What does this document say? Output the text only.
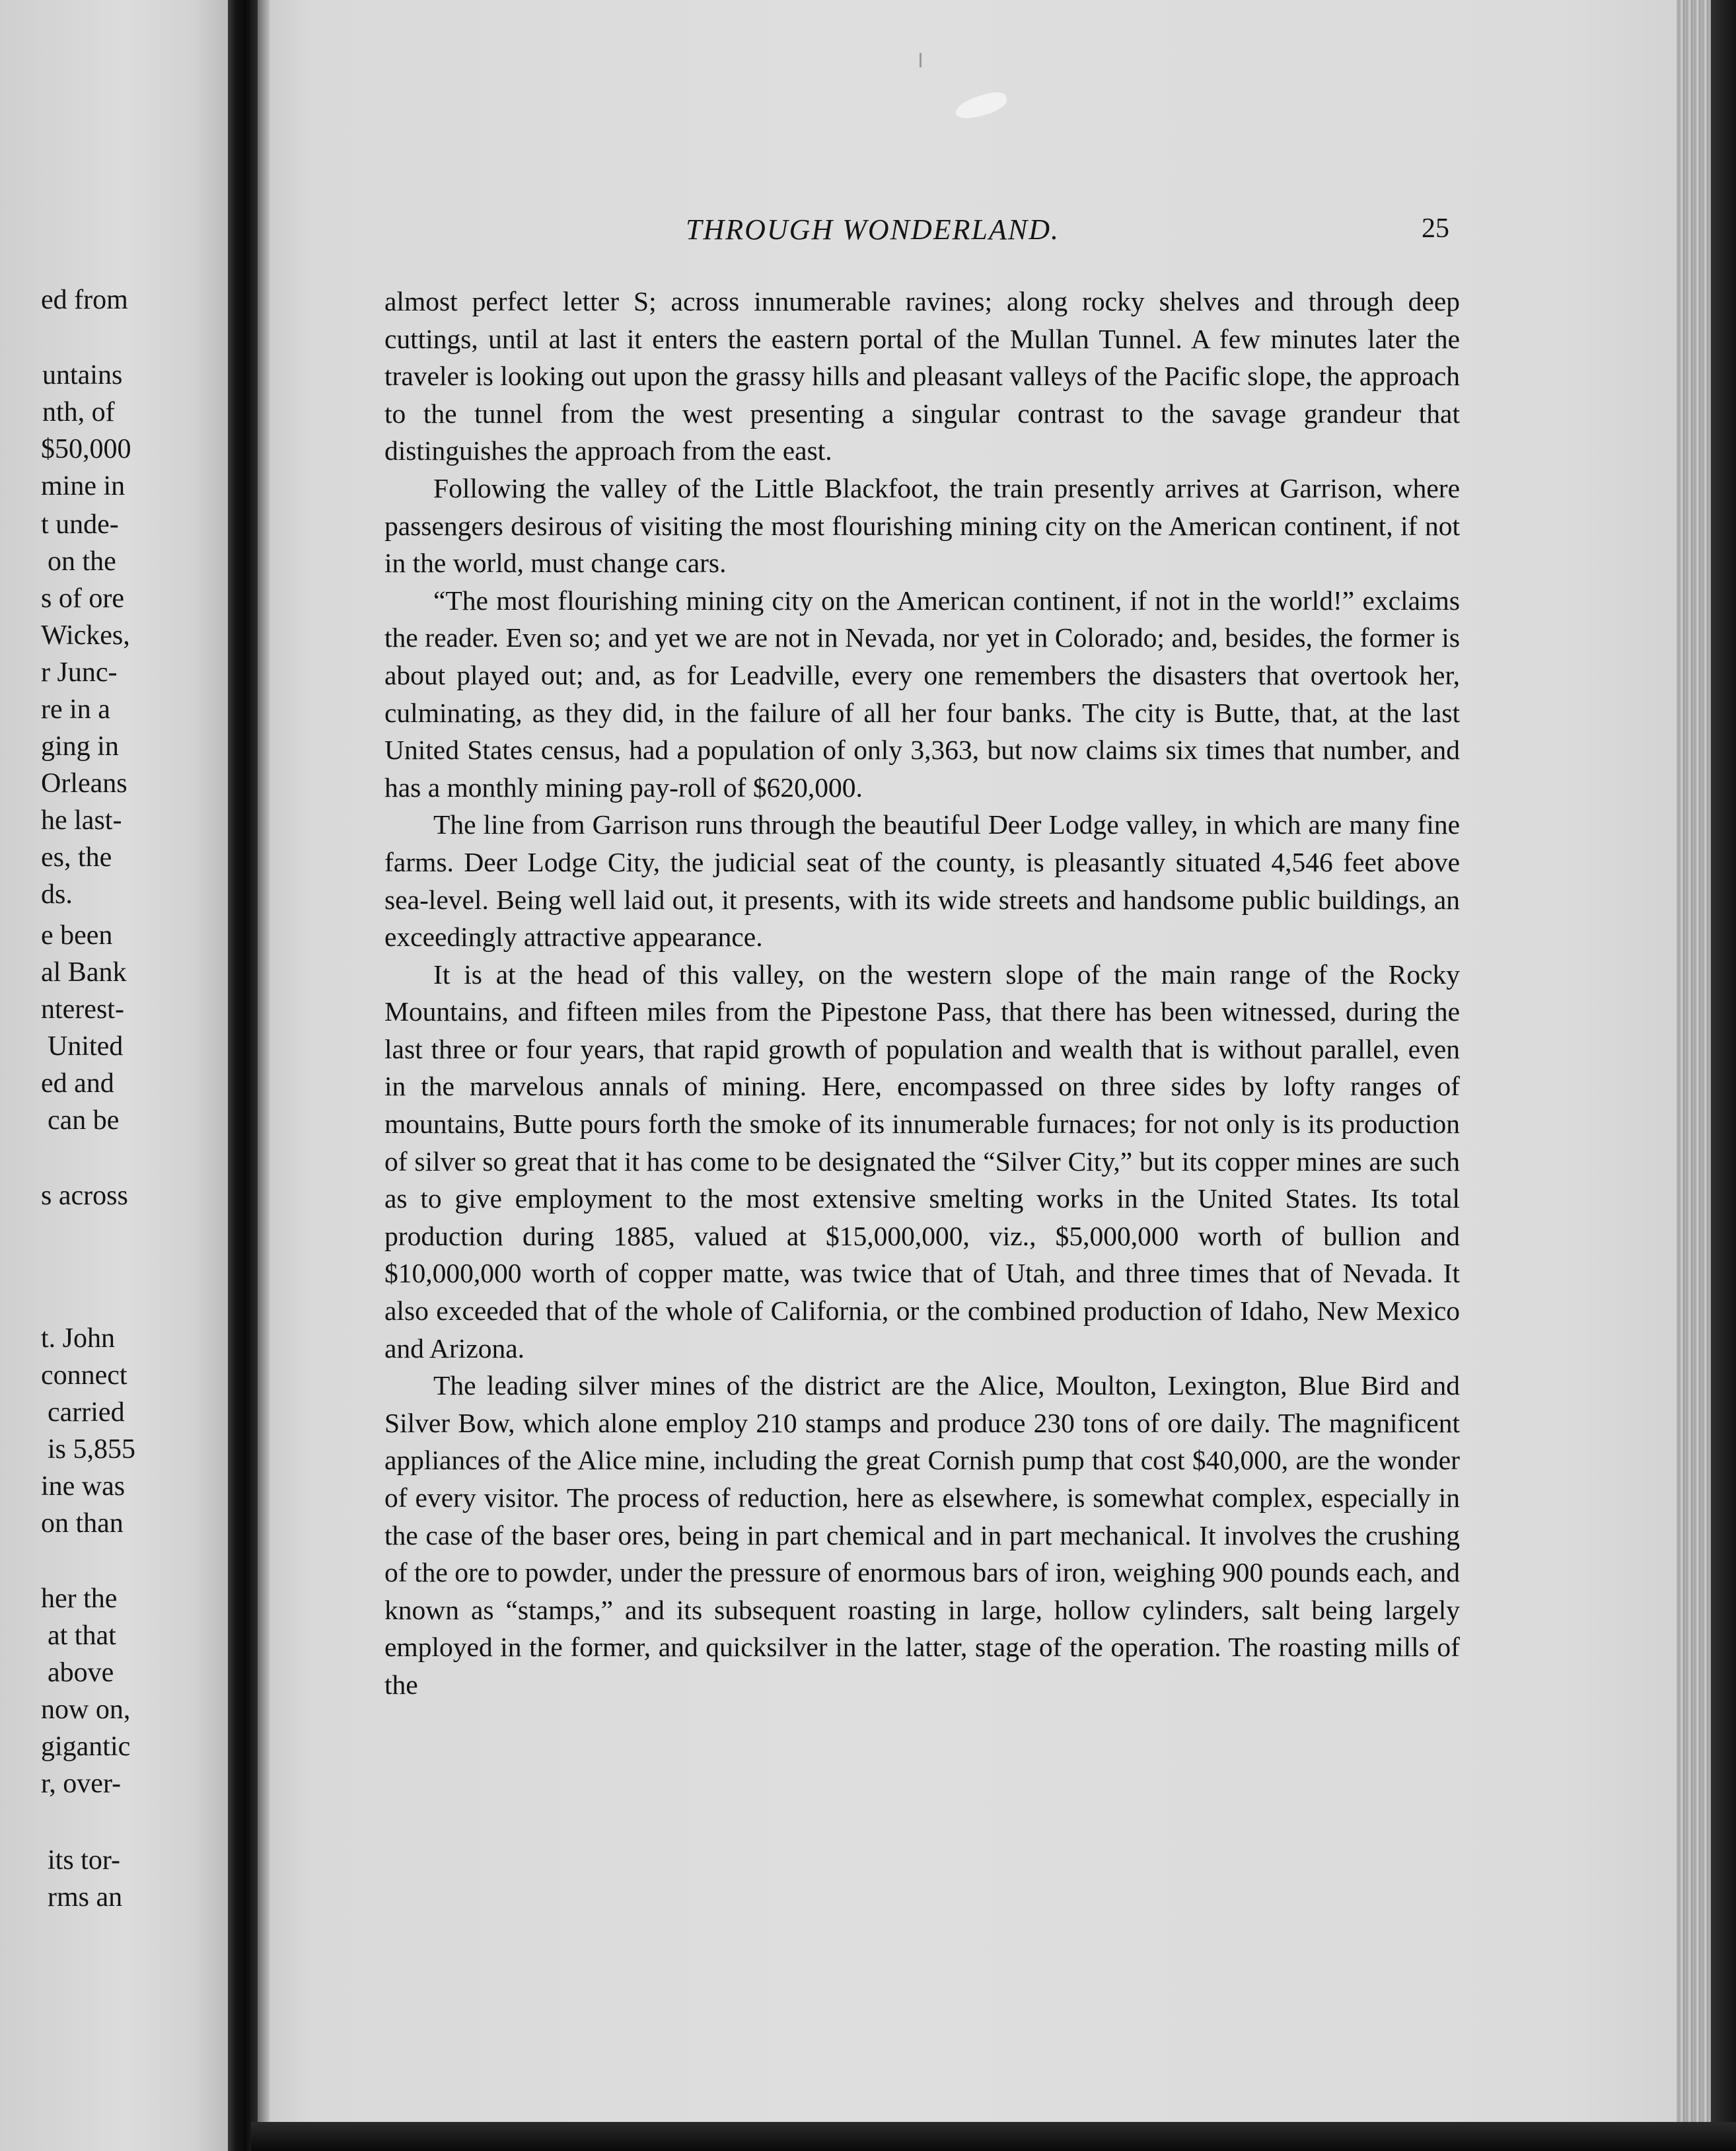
ed from
untains
nth, of
$50,000
mine in
t unde-
on the
s of ore
Wickes,
r Junc-
re in a
ging in
Orleans
he last-
es, the
ds.
e been
al Bank
nterest-
United
ed and
can be
s across
t. John
connect
carried
is 5,855
ine was
on than
her the
at that
above
now on,
gigantic
r, over-
its tor-
rms an
THROUGH WONDERLAND.	25

almost perfect letter S; across innumerable ravines; along rocky shelves and through deep cuttings, until at last it enters the eastern portal of the Mullan Tunnel. A few minutes later the traveler is looking out upon the grassy hills and pleasant valleys of the Pacific slope, the approach to the tunnel from the west presenting a singular contrast to the savage grandeur that distinguishes the approach from the east.

Following the valley of the Little Blackfoot, the train presently arrives at Garrison, where passengers desirous of visiting the most flourishing mining city on the American continent, if not in the world, must change cars.

“The most flourishing mining city on the American continent, if not in the world!” exclaims the reader. Even so; and yet we are not in Nevada, nor yet in Colorado; and, besides, the former is about played out; and, as for Leadville, every one remembers the disasters that overtook her, culminating, as they did, in the failure of all her four banks. The city is Butte, that, at the last United States census, had a population of only 3,363, but now claims six times that number, and has a monthly mining pay-roll of $620,000.

The line from Garrison runs through the beautiful Deer Lodge valley, in which are many fine farms. Deer Lodge City, the judicial seat of the county, is pleasantly situated 4,546 feet above sea-level. Being well laid out, it presents, with its wide streets and handsome public buildings, an exceedingly attractive appearance.

It is at the head of this valley, on the western slope of the main range of the Rocky Mountains, and fifteen miles from the Pipestone Pass, that there has been witnessed, during the last three or four years, that rapid growth of population and wealth that is without parallel, even in the marvelous annals of mining. Here, encompassed on three sides by lofty ranges of mountains, Butte pours forth the smoke of its innumerable furnaces; for not only is its production of silver so great that it has come to be designated the “Silver City,” but its copper mines are such as to give employment to the most extensive smelting works in the United States. Its total production during 1885, valued at $15,000,000, viz., $5,000,000 worth of bullion and $10,000,000 worth of copper matte, was twice that of Utah, and three times that of Nevada. It also exceeded that of the whole of California, or the combined production of Idaho, New Mexico and Arizona.

The leading silver mines of the district are the Alice, Moulton, Lexington, Blue Bird and Silver Bow, which alone employ 210 stamps and produce 230 tons of ore daily. The magnificent appliances of the Alice mine, including the great Cornish pump that cost $40,000, are the wonder of every visitor. The process of reduction, here as elsewhere, is somewhat complex, especially in the case of the baser ores, being in part chemical and in part mechanical. It involves the crushing of the ore to powder, under the pressure of enormous bars of iron, weighing 900 pounds each, and known as “stamps,” and its subsequent roasting in large, hollow cylinders, salt being largely employed in the former, and quicksilver in the latter, stage of the operation. The roasting mills of the
